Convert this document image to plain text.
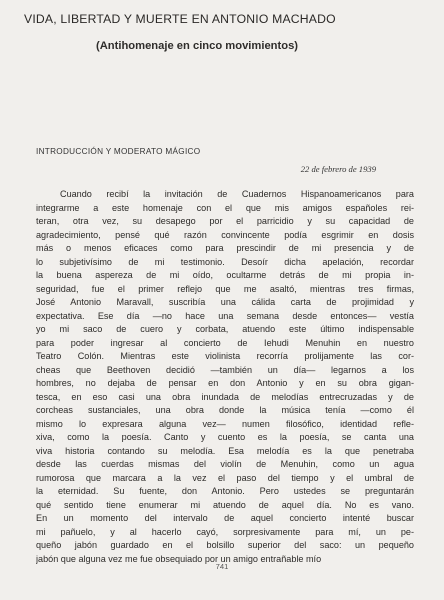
VIDA, LIBERTAD Y MUERTE EN ANTONIO MACHADO
(Antihomenaje en cinco movimientos)

INTRODUCCIÓN Y MODERATO MÁGICO

22 de febrero de 1939

Cuando recibí la invitación de Cuadernos Hispanoamericanos para
integrarme a este homenaje con el que mis amigos españoles rei-
teran, otra vez, su desapego por el parricidio y su capacidad de
agradecimiento, pensé qué razón convincente podía esgrimir en dosis
más o menos eficaces como para prescindir de mi presencia y de
lo subjetivísimo de mi testimonio. Desoír dicha apelación, recordar
la buena aspereza de mi oído, ocultarme detrás de mi propia in-
seguridad, fue el primer reflejo que me asaltó, mientras tres firmas,
José Antonio Maravall, suscribía una cálida carta de projimidad y
expectativa. Ese día —no hace una semana desde entonces— vestía
yo mi saco de cuero y corbata, atuendo este último indispensable
para poder ingresar al concierto de Iehudi Menuhin en nuestro
Teatro Colón. Mientras este violinista recorría prolijamente las cor-
cheas que Beethoven decidió —también un día— legarnos a los
hombres, no dejaba de pensar en don Antonio y en su obra gigan-
tesca, en eso casi una obra inundada de melodías entrecruzadas y de
corcheas sustanciales, una obra donde la música tenía —como él
mismo lo expresara alguna vez— numen filosófico, identidad refle-
xiva, como la poesía. Canto y cuento es la poesía, se canta una
viva historia contando su melodía. Esa melodía es la que penetraba
desde las cuerdas mismas del violín de Menuhin, como un agua
rumorosa que marcara a la vez el paso del tiempo y el umbral de
la eternidad. Su fuente, don Antonio. Pero ustedes se preguntarán
qué sentido tiene enumerar mi atuendo de aquel día. No es vano.
En un momento del intervalo de aquel concierto intenté buscar
mi pañuelo, y al hacerlo cayó, sorpresivamente para mí, un pe-
queño jabón guardado en el bolsillo superior del saco: un pequeño
jabón que alguna vez me fue obsequiado por un amigo entrañable mío

741
